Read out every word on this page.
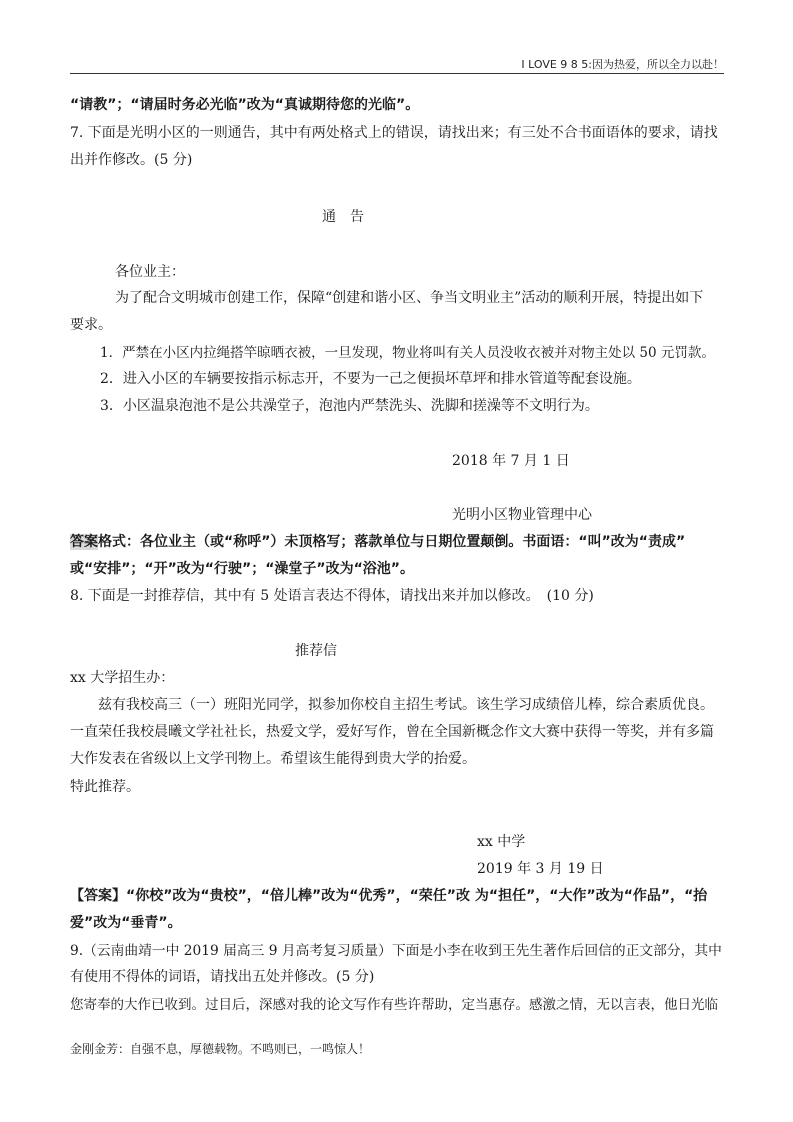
I LOVE 9 8 5:因为热爱，所以全力以赴！
“请教”；“请届时务必光临”改为“真诚期待您的光临”。
7. 下面是光明小区的一则通告，其中有两处格式上的错误，请找出来；有三处不合书面语体的要求，请找
出并作修改。(5 分)
通　告
各位业主：
为了配合文明城市创建工作，保障“创建和谐小区、争当文明业主”活动的顺利开展，特提出如下
要求。
1．严禁在小区内拉绳搭竿晾晒衣被，一旦发现，物业将叫有关人员没收衣被并对物主处以 50 元罚款。
2．进入小区的车辆要按指示标志开，不要为一己之便损坏草坪和排水管道等配套设施。
3．小区温泉泡池不是公共澡堂子，泡池内严禁洗头、洗脚和搓澡等不文明行为。
2018 年 7 月 1 日
光明小区物业管理中心
答案格式：各位业主（或“称呼”）未顶格写；落款单位与日期位置颠倒。书面语：“叫”改为“责成”
或“安排”；“开”改为“行驶”；“澡堂子”改为“浴池”。
8. 下面是一封推荐信，其中有 5 处语言表达不得体，请找出来并加以修改。　(10 分)
推荐信
xx 大学招生办：
兹有我校高三（一）班阳光同学，拟参加你校自主招生考试。该生学习成绩倍儿棒，综合素质优良。
一直荣任我校晨曦文学社社长，热爱文学，爱好写作，曾在全国新概念作文大赛中获得一等奖，并有多篇
大作发表在省级以上文学刊物上。希望该生能得到贵大学的抬爱。
特此推荐。
xx 中学
2019 年 3 月 19 日
【答案】“你校”改为“贵校”，“倍儿棒”改为“优秀”，“荣任”改 为“担任”，“大作”改为“作品”，“抬
爱”改为“垂青”。
9.（云南曲靖一中 2019 届高三 9 月高考复习质量）下面是小李在收到王先生著作后回信的正文部分，其中
有使用不得体的词语，请找出五处并修改。(5 分)
您寄奉的大作已收到。过目后，深感对我的论文写作有些许帮助，定当惠存。感激之情，无以言表，他日光临
金刚金芳：自强不息，厚德载物。不鸣则已，一鸣惊人！
